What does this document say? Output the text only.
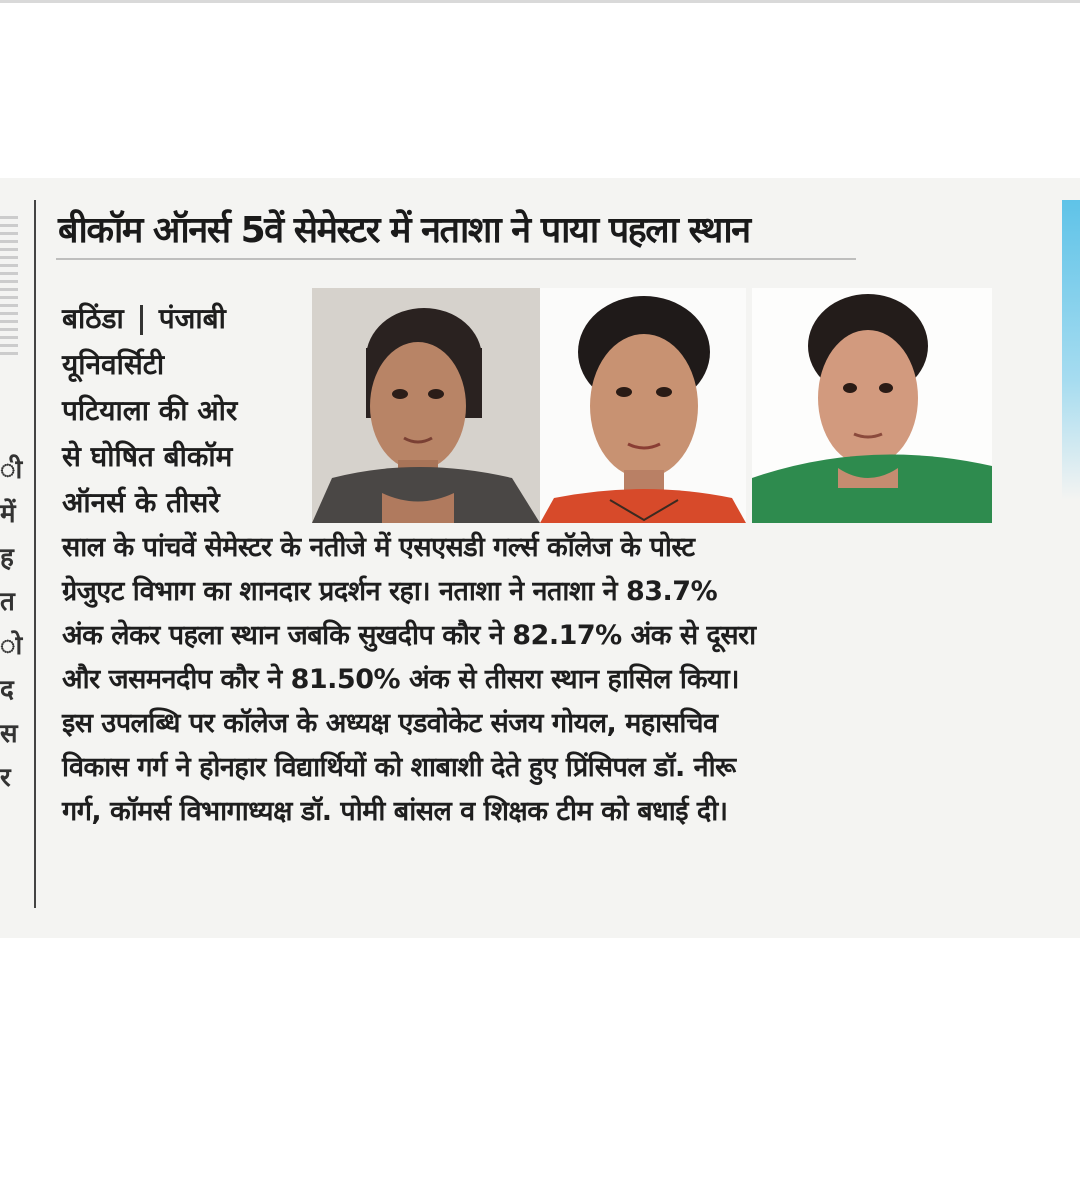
ी
में
ह
त
ो
द
स
र
बीकॉम ऑनर्स 5वें सेमेस्टर में नताशा ने पाया पहला स्थान
बठिंडा पंजाबी
यूनिवर्सिटी
पटियाला की ओर
से घोषित बीकॉम
ऑनर्स के तीसरे
साल के पांचवें सेमेस्टर के नतीजे में एसएसडी गर्ल्स कॉलेज के पोस्ट
ग्रेजुएट विभाग का शानदार प्रदर्शन रहा। नताशा ने नताशा ने 83.7%
अंक लेकर पहला स्थान जबकि सुखदीप कौर ने 82.17% अंक से दूसरा
और जसमनदीप कौर ने 81.50% अंक से तीसरा स्थान हासिल किया।
इस उपलब्धि पर कॉलेज के अध्यक्ष एडवोकेट संजय गोयल, महासचिव
विकास गर्ग ने होनहार विद्यार्थियों को शाबाशी देते हुए प्रिंसिपल डॉ. नीरू
गर्ग, कॉमर्स विभागाध्यक्ष डॉ. पोमी बांसल व शिक्षक टीम को बधाई दी।
